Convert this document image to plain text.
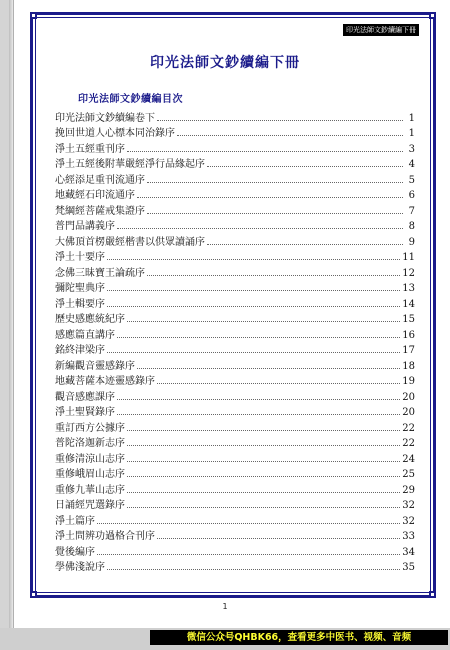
印光法師文鈔續編下冊
印光法師文鈔續編下冊
印光法師文鈔續編目次
印光法師文鈔續編卷下	1
挽回世道人心標本同治錄序	1
淨土五經重刊序	3
淨土五經後附華嚴經淨行品緣起序	4
心經添足重刊流通序	5
地藏經石印流通序	6
梵綱經菩薩戒集證序	7
普門品講義序	8
大佛頂首楞嚴經楷書以供眾讀誦序	9
淨土十要序	11
念佛三昧寶王論疏序	12
彌陀聖典序	13
淨土輯要序	14
歷史感應統紀序	15
感應篇直講序	16
銘終津梁序	17
新編觀音靈感錄序	18
地藏菩薩本迹靈感錄序	19
觀音感應課序	20
淨土聖賢錄序	20
重訂西方公據序	22
普陀洛迦新志序	22
重修清涼山志序	24
重修峨眉山志序	25
重修九華山志序	29
日誦經咒選錄序	32
淨土篇序	32
淨土問辨功過格合刊序	33
覺後編序	34
學佛淺說序	35
1
微信公众号QHBK66，查看更多中医书、视频、音频
